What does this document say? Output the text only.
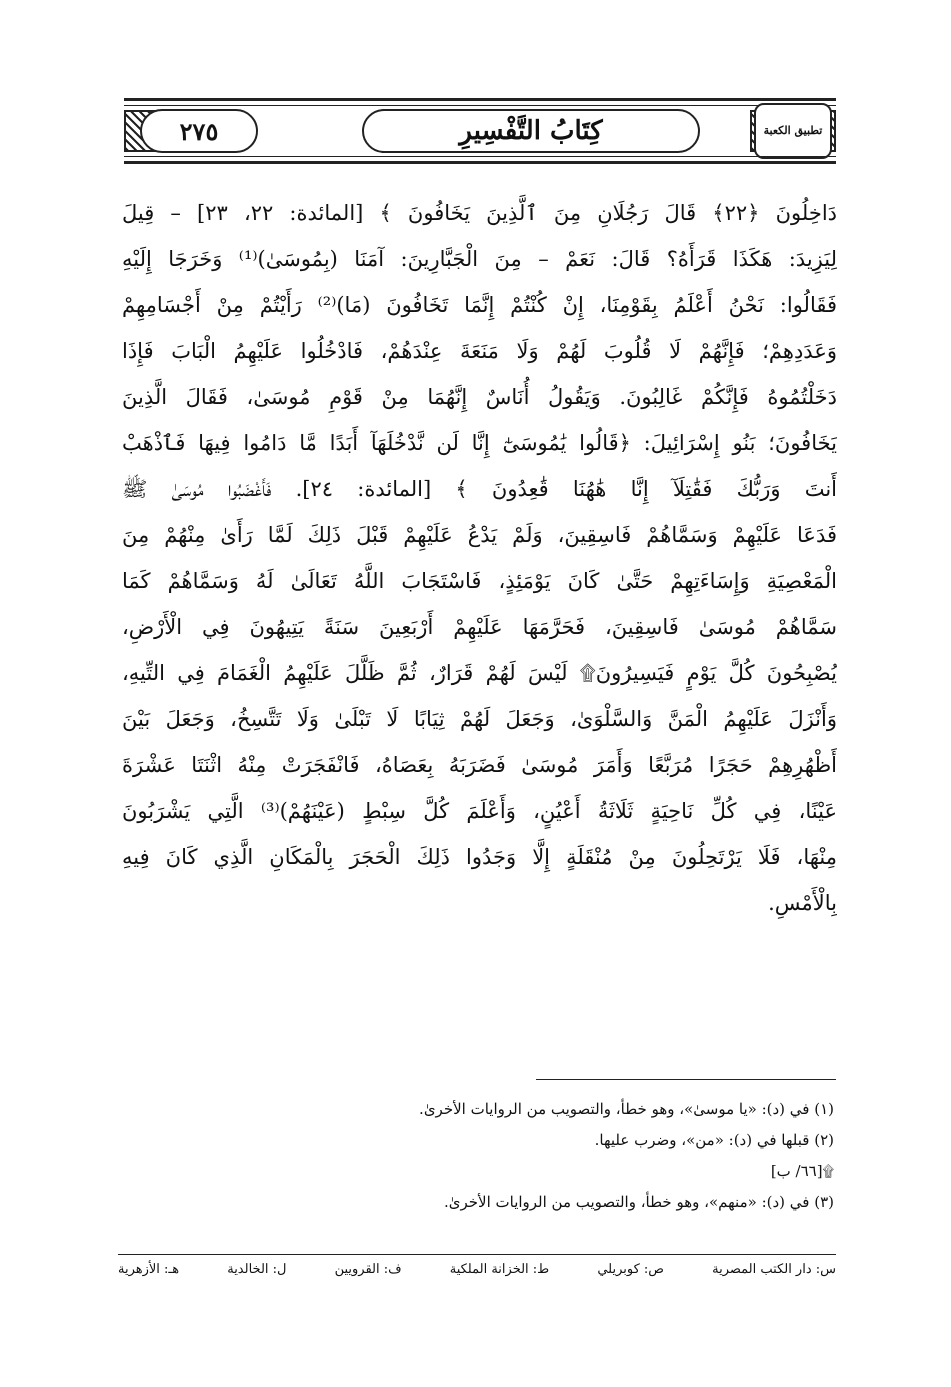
تطبيق الكعبة
٢٧٥	كِتَابُ التَّفْسِيرِ
دَاخِلُونَ ﴿٢٢﴾ قَالَ رَجُلَانِ مِنَ ٱلَّذِينَ يَخَافُونَ ﴾ [المائدة: ٢٢، ٢٣] – قِيلَ
لِيَزِيدَ: هَكَذَا قَرَأَهُ؟ قَالَ: نَعَمْ – مِنَ الْجَبَّارِينَ: آمَنَا (بِمُوسَىٰ)⁽¹⁾ وَخَرَجَا إِلَيْهِ
فَقَالُوا: نَحْنُ أَعْلَمُ بِقَوْمِنَا، إِنْ كُنْتُمْ إِنَّمَا تَخَافُونَ (مَا)⁽²⁾ رَأَيْتُمْ مِنْ أَجْسَامِهِمْ
وَعَدَدِهِمْ؛ فَإِنَّهُمْ لَا قُلُوبَ لَهُمْ وَلَا مَنَعَةَ عِنْدَهُمْ، فَادْخُلُوا عَلَيْهِمُ الْبَابَ فَإِذَا
دَخَلْتُمُوهُ فَإِنَّكُمْ غَالِبُونَ. وَيَقُولُ أُنَاسٌ إِنَّهُمَا مِنْ قَوْمِ مُوسَىٰ، فَقَالَ الَّذِينَ
يَخَافُونَ؛ بَنُو إِسْرَائِيلَ: ﴿قَالُوا يَٰمُوسَىٰٓ إِنَّا لَن نَّدْخُلَهَآ أَبَدًا مَّا دَامُوا فِيهَا فَٱذْهَبْ
أَنتَ وَرَبُّكَ فَقَٰتِلَآ إِنَّا هَٰهُنَا قَٰعِدُونَ ﴾ [المائدة: ٢٤]. فَأَغْضَبُوا مُوسَىٰ ﷺ
فَدَعَا عَلَيْهِمْ وَسَمَّاهُمْ فَاسِقِينَ، وَلَمْ يَدْعُ عَلَيْهِمْ قَبْلَ ذَلِكَ لَمَّا رَأَىٰ مِنْهُمْ مِنَ
الْمَعْصِيَةِ وَإِسَاءَتِهِمْ حَتَّىٰ كَانَ يَوْمَئِذٍ، فَاسْتَجَابَ اللَّهُ تَعَالَىٰ لَهُ وَسَمَّاهُمْ كَمَا
سَمَّاهُمْ مُوسَىٰ فَاسِقِينَ، فَحَرَّمَهَا عَلَيْهِمْ أَرْبَعِينَ سَنَةً يَتِيهُونَ فِي الْأَرْضِ،
يُصْبِحُونَ كُلَّ يَوْمٍ فَيَسِيرُونَ۩ لَيْسَ لَهُمْ قَرَارٌ، ثُمَّ ظَلَّلَ عَلَيْهِمُ الْغَمَامَ فِي التِّيهِ،
وَأَنْزَلَ عَلَيْهِمُ الْمَنَّ وَالسَّلْوَىٰ، وَجَعَلَ لَهُمْ ثِيَابًا لَا تَبْلَىٰ وَلَا تَتَّسِخُ، وَجَعَلَ بَيْنَ
أَظْهُرِهِمْ حَجَرًا مُرَبَّعًا وَأَمَرَ مُوسَىٰ فَضَرَبَهُ بِعَصَاهُ، فَانْفَجَرَتْ مِنْهُ اثْنَتَا عَشْرَةَ
عَيْنًا، فِي كُلِّ نَاحِيَةٍ ثَلَاثَةُ أَعْيُنٍ، وَأَعْلَمَ كُلَّ سِبْطٍ (عَيْنَهُمْ)⁽³⁾ الَّتِي يَشْرَبُونَ
مِنْهَا، فَلَا يَرْتَحِلُونَ مِنْ مُنْقَلَةٍ إِلَّا وَجَدُوا ذَلِكَ الْحَجَرَ بِالْمَكَانِ الَّذِي كَانَ فِيهِ
بِالْأَمْسِ.
(١) في (د): «يا موسىٰ»، وهو خطأ، والتصويب من الروايات الأخرىٰ.
(٢) قبلها في (د): «من»، وضرب عليها.
۩[٦٦/ ب]
(٣) في (د): «منهم»، وهو خطأ، والتصويب من الروايات الأخرىٰ.
س: دار الكتب المصرية
ص: كوبريلي
ط: الخزانة الملكية
ف: القرويين
ل: الخالدية
هـ: الأزهرية
